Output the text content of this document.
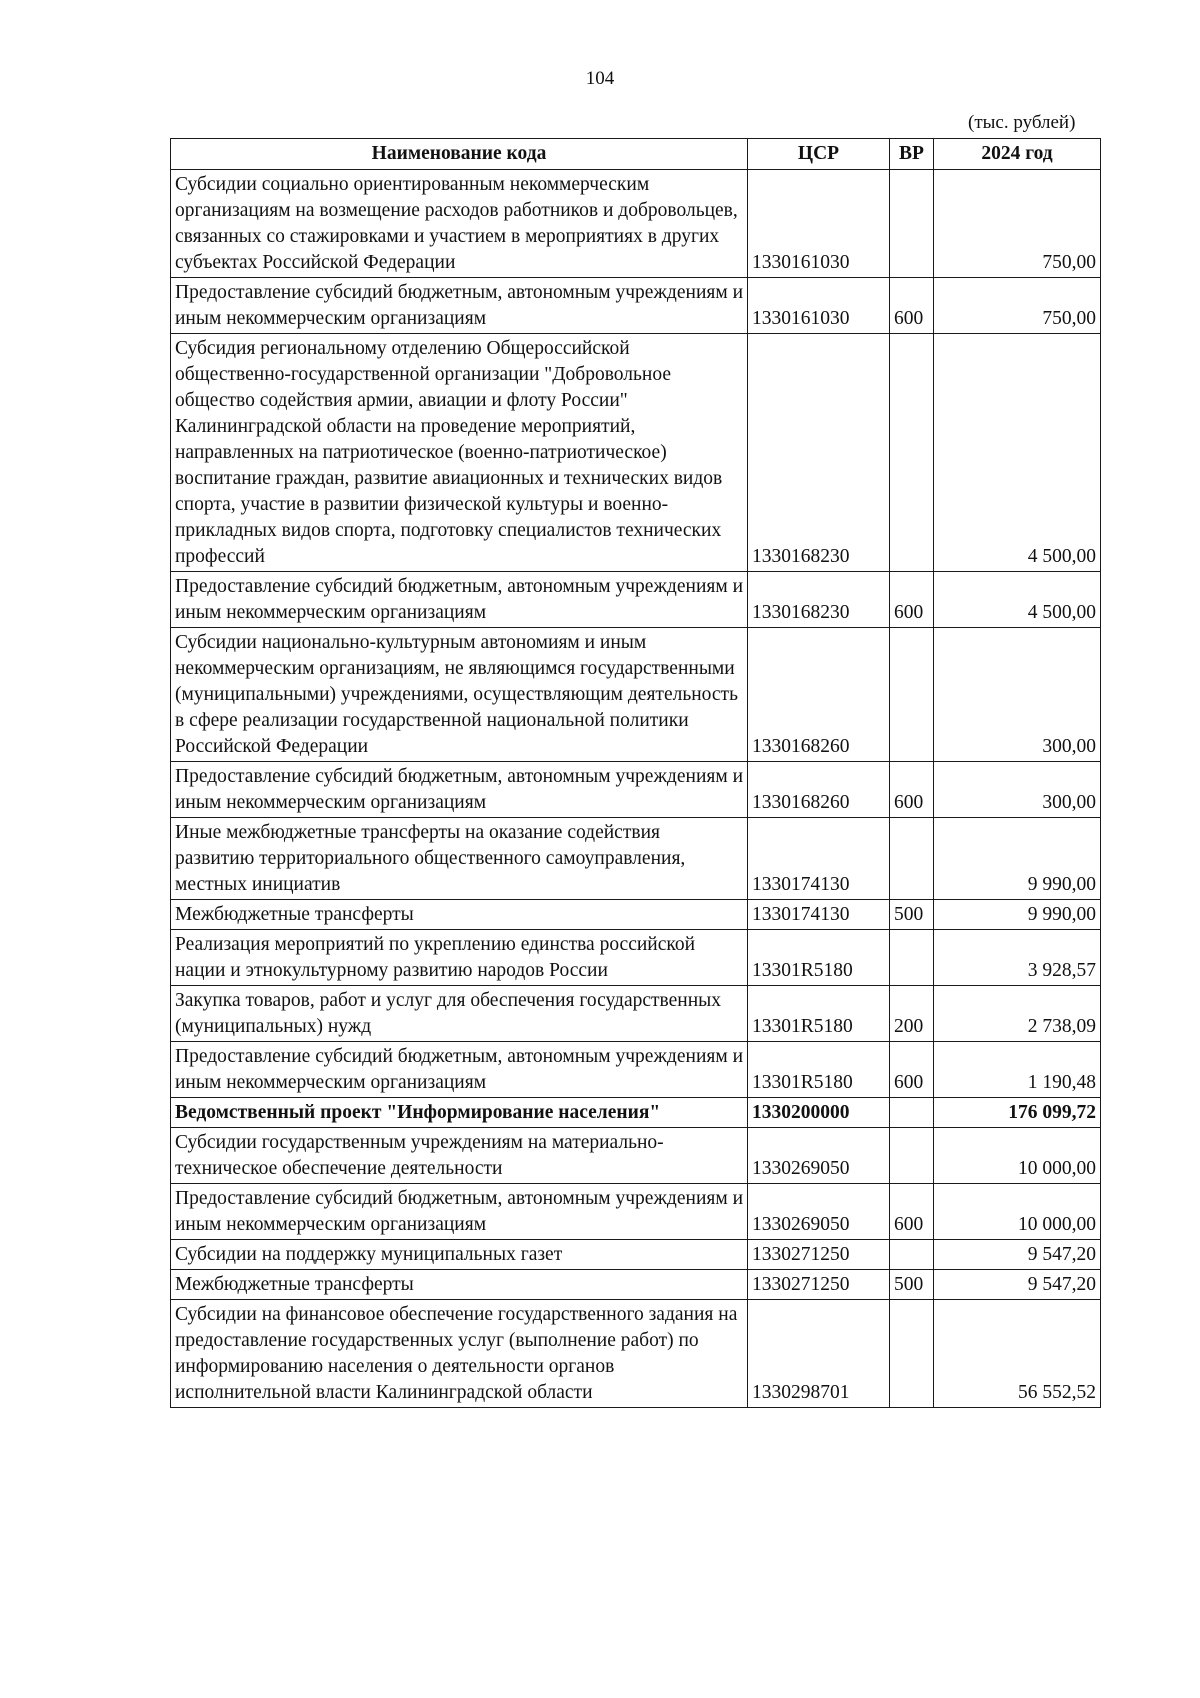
104
(тыс. рублей)
Наименование кода	ЦСР	ВР	2024 год
Субсидии социально ориентированным некоммерческим организациям на возмещение расходов работников и добровольцев, связанных со стажировками и участием в мероприятиях в других субъектах Российской Федерации	1330161030		750,00
Предоставление субсидий бюджетным, автономным учреждениям и иным некоммерческим организациям	1330161030	600	750,00
Субсидия региональному отделению Общероссийской общественно-государственной организации "Добровольное общество содействия армии, авиации и флоту России" Калининградской области на проведение мероприятий, направленных на патриотическое (военно-патриотическое) воспитание граждан, развитие авиационных и технических видов спорта, участие в развитии физической культуры и военно-прикладных видов спорта, подготовку специалистов технических профессий	1330168230		4 500,00
Предоставление субсидий бюджетным, автономным учреждениям и иным некоммерческим организациям	1330168230	600	4 500,00
Субсидии национально-культурным автономиям и иным некоммерческим организациям, не являющимся государственными (муниципальными) учреждениями, осуществляющим деятельность в сфере реализации государственной национальной политики Российской Федерации	1330168260		300,00
Предоставление субсидий бюджетным, автономным учреждениям и иным некоммерческим организациям	1330168260	600	300,00
Иные межбюджетные трансферты на оказание содействия развитию территориального общественного самоуправления, местных инициатив	1330174130		9 990,00
Межбюджетные трансферты	1330174130	500	9 990,00
Реализация мероприятий по укреплению единства российской нации и этнокультурному развитию народов России	13301R5180		3 928,57
Закупка товаров, работ и услуг для обеспечения государственных (муниципальных) нужд	13301R5180	200	2 738,09
Предоставление субсидий бюджетным, автономным учреждениям и иным некоммерческим организациям	13301R5180	600	1 190,48
Ведомственный проект "Информирование населения"	1330200000		176 099,72
Субсидии государственным учреждениям на материально-техническое обеспечение деятельности	1330269050		10 000,00
Предоставление субсидий бюджетным, автономным учреждениям и иным некоммерческим организациям	1330269050	600	10 000,00
Субсидии на поддержку муниципальных газет	1330271250		9 547,20
Межбюджетные трансферты	1330271250	500	9 547,20
Субсидии на финансовое обеспечение государственного задания на предоставление государственных услуг (выполнение работ) по информированию населения о деятельности органов исполнительной власти Калининградской области	1330298701		56 552,52
